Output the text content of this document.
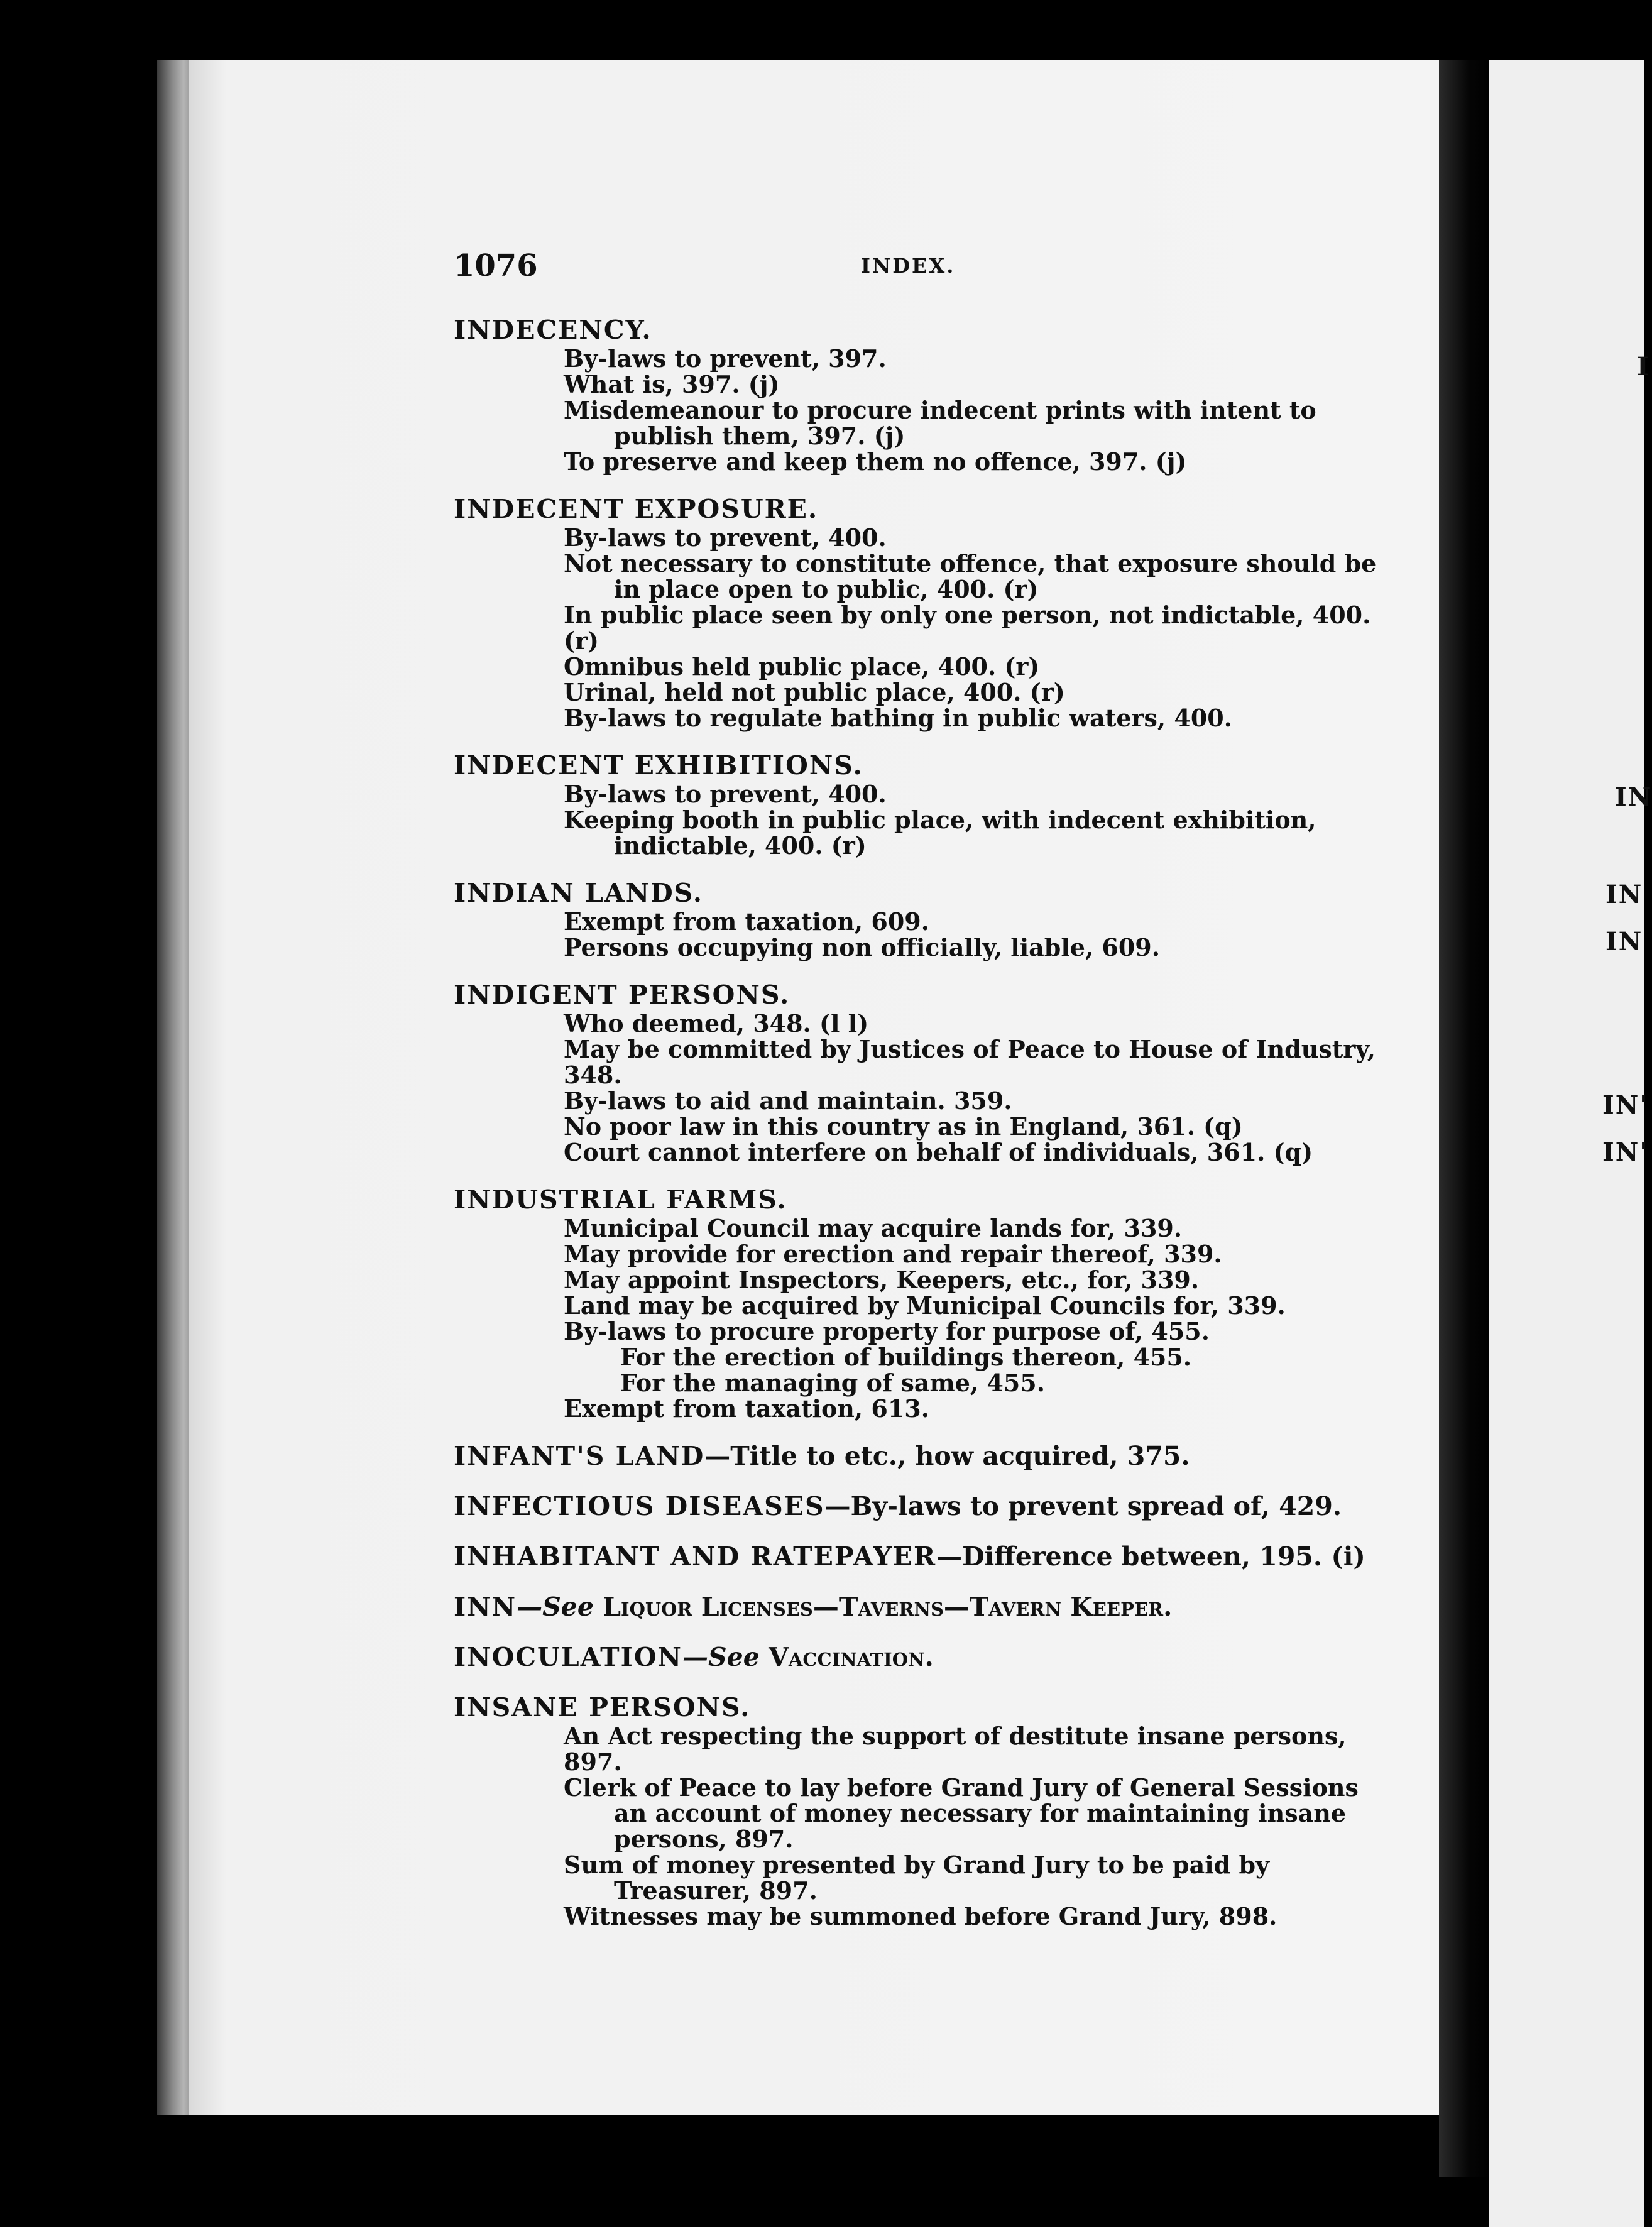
I
IN
IN
IN
IN'
IN'
1076	INDEX.
INDECENCY.
By-laws to prevent, 397.
What is, 397. (j)
Misdemeanour to procure indecent prints with intent to publish them, 397. (j)
To preserve and keep them no offence, 397. (j)
INDECENT EXPOSURE.
By-laws to prevent, 400.
Not necessary to constitute offence, that exposure should be in place open to public, 400. (r)
In public place seen by only one person, not indictable, 400. (r)
Omnibus held public place, 400. (r)
Urinal, held not public place, 400. (r)
By-laws to regulate bathing in public waters, 400.
INDECENT EXHIBITIONS.
By-laws to prevent, 400.
Keeping booth in public place, with indecent exhibition, indictable, 400. (r)
INDIAN LANDS.
Exempt from taxation, 609.
Persons occupying non officially, liable, 609.
INDIGENT PERSONS.
Who deemed, 348. (l l)
May be committed by Justices of Peace to House of Industry, 348.
By-laws to aid and maintain. 359.
No poor law in this country as in England, 361. (q)
Court cannot interfere on behalf of individuals, 361. (q)
INDUSTRIAL FARMS.
Municipal Council may acquire lands for, 339.
May provide for erection and repair thereof, 339.
May appoint Inspectors, Keepers, etc., for, 339.
Land may be acquired by Municipal Councils for, 339.
By-laws to procure property for purpose of, 455.
For the erection of buildings thereon, 455.
For the managing of same, 455.
Exempt from taxation, 613.
INFANT'S LAND—Title to etc., how acquired, 375.
INFECTIOUS DISEASES—By-laws to prevent spread of, 429.
INHABITANT AND RATEPAYER—Difference between, 195. (i)
INN—See Liquor Licenses—Taverns—Tavern Keeper.
INOCULATION—See Vaccination.
INSANE PERSONS.
An Act respecting the support of destitute insane persons, 897.
Clerk of Peace to lay before Grand Jury of General Sessions an account of money necessary for maintaining insane persons, 897.
Sum of money presented by Grand Jury to be paid by Treasurer, 897.
Witnesses may be summoned before Grand Jury, 898.
